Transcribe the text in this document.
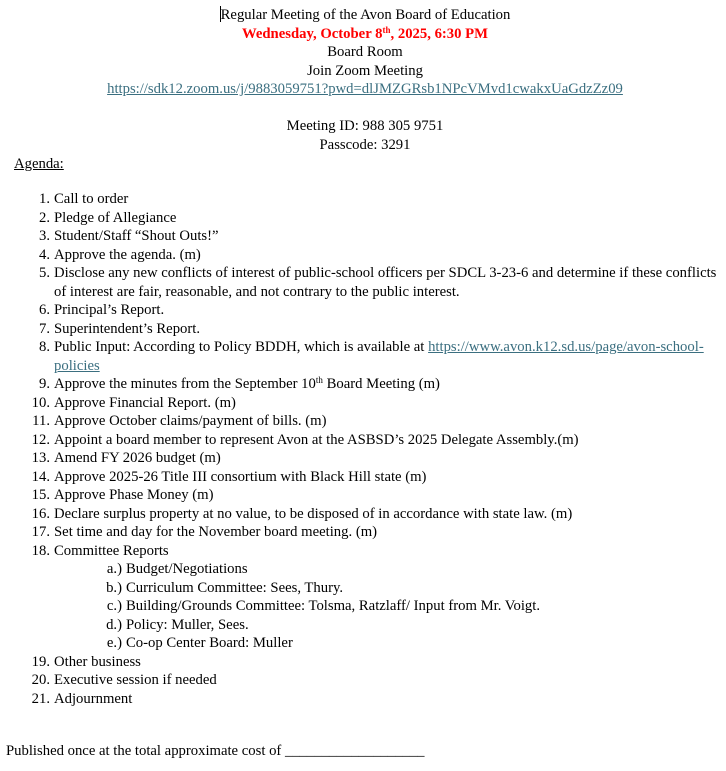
Regular Meeting of the Avon Board of Education
Wednesday, October 8th, 2025, 6:30 PM
Board Room
Join Zoom Meeting
https://sdk12.zoom.us/j/9883059751?pwd=dlJMZGRsb1NPcVMvd1cwakxUaGdzZz09
Meeting ID: 988 305 9751
Passcode: 3291
Agenda:
1. Call to order
2. Pledge of Allegiance
3. Student/Staff “Shout Outs!”
4. Approve the agenda. (m)
5. Disclose any new conflicts of interest of public-school officers per SDCL 3-23-6 and determine if these conflicts of interest are fair, reasonable, and not contrary to the public interest.
6. Principal’s Report.
7. Superintendent’s Report.
8. Public Input: According to Policy BDDH, which is available at https://www.avon.k12.sd.us/page/avon-school-policies
9. Approve the minutes from the September 10th Board Meeting (m)
10. Approve Financial Report. (m)
11. Approve October claims/payment of bills. (m)
12. Appoint a board member to represent Avon at the ASBSD’s 2025 Delegate Assembly.(m)
13. Amend FY 2026 budget (m)
14. Approve 2025-26 Title III consortium with Black Hill state (m)
15. Approve Phase Money (m)
16. Declare surplus property at no value, to be disposed of in accordance with state law. (m)
17. Set time and day for the November board meeting. (m)
18. Committee Reports
a.) Budget/Negotiations
b.) Curriculum Committee: Sees, Thury.
c.) Building/Grounds Committee: Tolsma, Ratzlaff/ Input from Mr. Voigt.
d.) Policy: Muller, Sees.
e.) Co-op Center Board: Muller
19. Other business
20. Executive session if needed
21. Adjournment
Published once at the total approximate cost of ___________________
